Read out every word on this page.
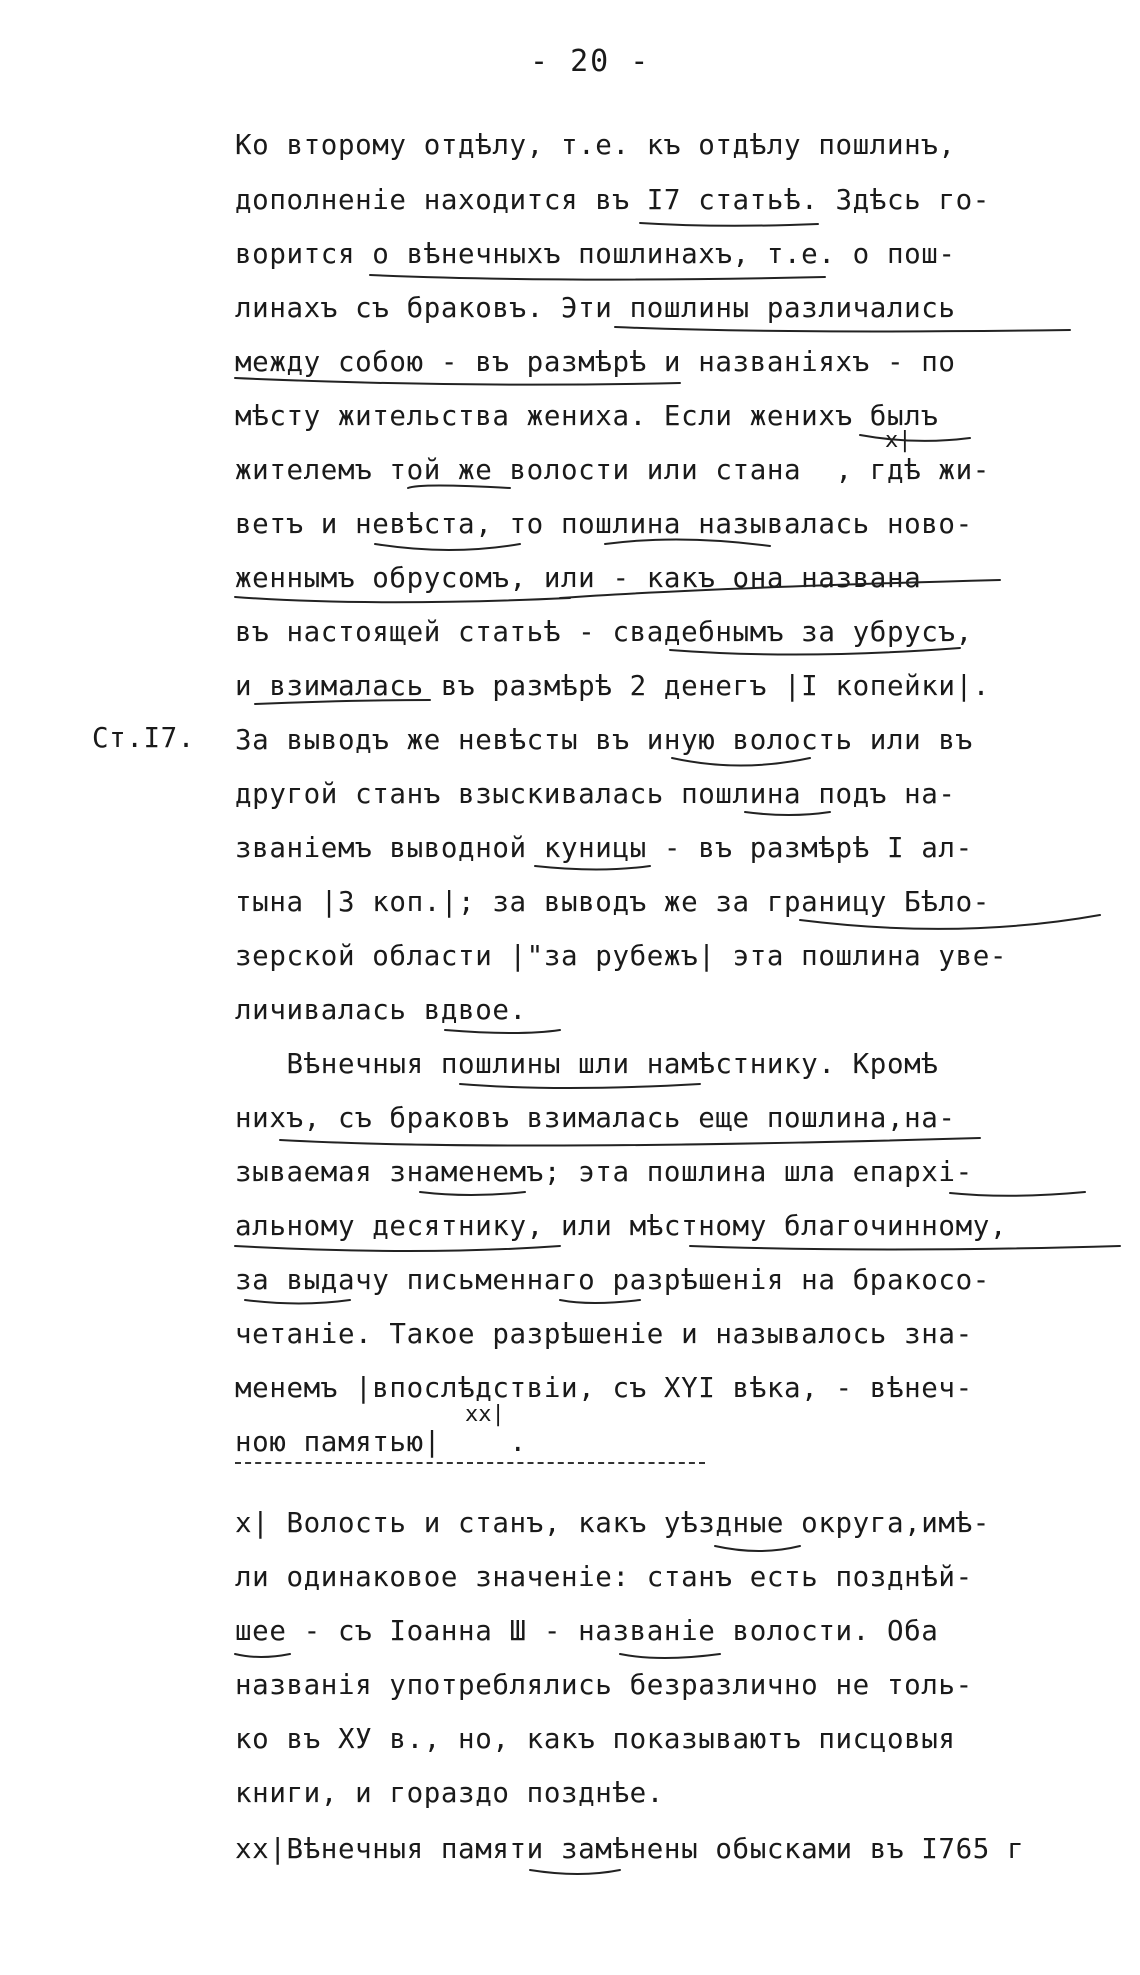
- 20 -
Ст.I7.
Ко второму отдѣлу, т.е. къ отдѣлу пошлинъ,
дополненіе находится въ I7 статьѣ. Здѣсь го-
ворится о вѣнечныхъ пошлинахъ, т.е. о пош-
линахъ съ браковъ. Эти пошлины различались
между собою - въ размѣрѣ и названіяхъ - по
мѣсту жительства жениха. Если женихъ былъ
жителемъ той же волости или стана  , гдѣ жи-
ветъ и невѣста, то пошлина называлась ново-
женнымъ обрусомъ, или - какъ она названа
въ настоящей статьѣ - свадебнымъ за убрусъ,
и взималась въ размѣрѣ 2 денегъ |I копейки|.
За выводъ же невѣсты въ иную волость или въ
другой станъ взыскивалась пошлина подъ на-
званіемъ выводной куницы - въ размѣрѣ I ал-
тына |3 коп.|; за выводъ же за границу Бѣло-
зерской области |"за рубежъ| эта пошлина уве-
личивалась вдвое.
Вѣнечныя пошлины шли намѣстнику. Кромѣ
нихъ, съ браковъ взималась еще пошлина,на-
зываемая знаменемъ; эта пошлина шла епархі-
альному десятнику, или мѣстному благочинному,
за выдачу письменнаго разрѣшенія на бракосо-
четаніе. Такое разрѣшеніе и называлось зна-
менемъ |впослѣдствіи, съ XYI вѣка, - вѣнеч-
ною памятью|    .
x|
xx|
x| Волость и станъ, какъ уѣздные округа,имѣ-
ли одинаковое значеніе: станъ есть позднѣй-
шее - съ Іоанна Ш - названіе волости. Оба
названія употреблялись безразлично не толь-
ко въ ХУ в., но, какъ показываютъ писцовыя
книги, и гораздо позднѣе.
хх|Вѣнечныя памяти замѣнены обысками въ I765 г
